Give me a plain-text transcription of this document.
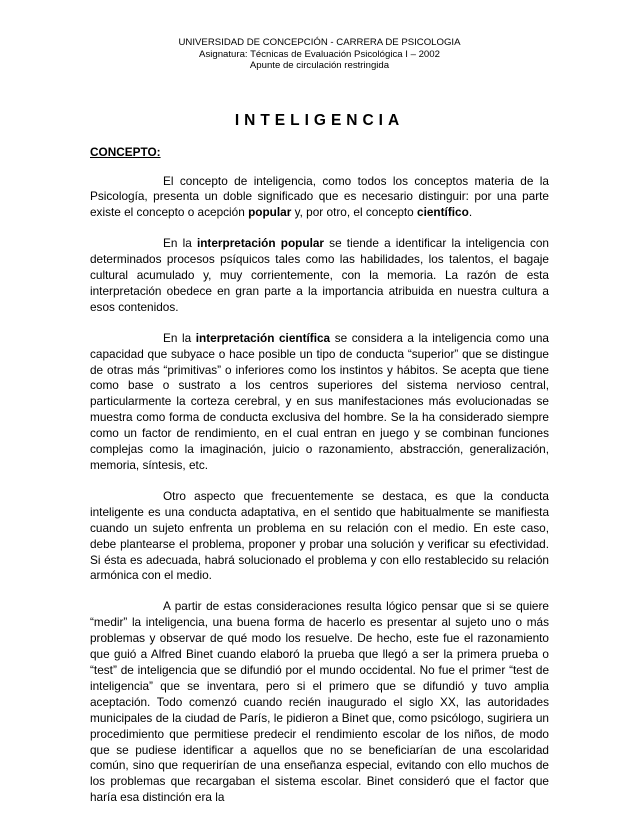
UNIVERSIDAD DE CONCEPCIÓN - CARRERA DE PSICOLOGIA
Asignatura: Técnicas de Evaluación Psicológica I – 2002
Apunte de circulación restringida
INTELIGENCIA
CONCEPTO:

El concepto de inteligencia, como todos los conceptos materia de la Psicología, presenta un doble significado que es necesario distinguir: por una parte existe el concepto o acepción popular y, por otro, el concepto científico.

En la interpretación popular se tiende a identificar la inteligencia con determinados procesos psíquicos tales como las habilidades, los talentos, el bagaje cultural acumulado y, muy corrientemente, con la memoria. La razón de esta interpretación obedece en gran parte a la importancia atribuida en nuestra cultura a esos contenidos.

En la interpretación científica se considera a la inteligencia como una capacidad que subyace o hace posible un tipo de conducta “superior” que se distingue de otras más “primitivas” o inferiores como los instintos y hábitos. Se acepta que tiene como base o sustrato a los centros superiores del sistema nervioso central, particularmente la corteza cerebral, y en sus manifestaciones más evolucionadas se muestra como forma de conducta exclusiva del hombre. Se la ha considerado siempre como un factor de rendimiento, en el cual entran en juego y se combinan funciones complejas como la imaginación, juicio o razonamiento, abstracción, generalización, memoria, síntesis, etc.

Otro aspecto que frecuentemente se destaca, es que la conducta inteligente es una conducta adaptativa, en el sentido que habitualmente se manifiesta cuando un sujeto enfrenta un problema en su relación con el medio. En este caso, debe plantearse el problema, proponer y probar una solución y verificar su efectividad. Si ésta es adecuada, habrá solucionado el problema y con ello restablecido su relación armónica con el medio.

A partir de estas consideraciones resulta lógico pensar que si se quiere “medir” la inteligencia, una buena forma de hacerlo es presentar al sujeto uno o más problemas y observar de qué modo los resuelve. De hecho, este fue el razonamiento que guió a Alfred Binet cuando elaboró la prueba que llegó a ser la primera prueba o “test” de inteligencia que se difundió por el mundo occidental. No fue el primer “test de inteligencia” que se inventara, pero si el primero que se difundió y tuvo amplia aceptación. Todo comenzó cuando recién inaugurado el siglo XX, las autoridades municipales de la ciudad de París, le pidieron a Binet que, como psicólogo, sugiriera un procedimiento que permitiese predecir el rendimiento escolar de los niños, de modo que se pudiese identificar a aquellos que no se beneficiarían de una escolaridad común, sino que requerirían de una enseñanza especial, evitando con ello muchos de los problemas que recargaban el sistema escolar. Binet consideró que el factor que haría esa distinción era la
